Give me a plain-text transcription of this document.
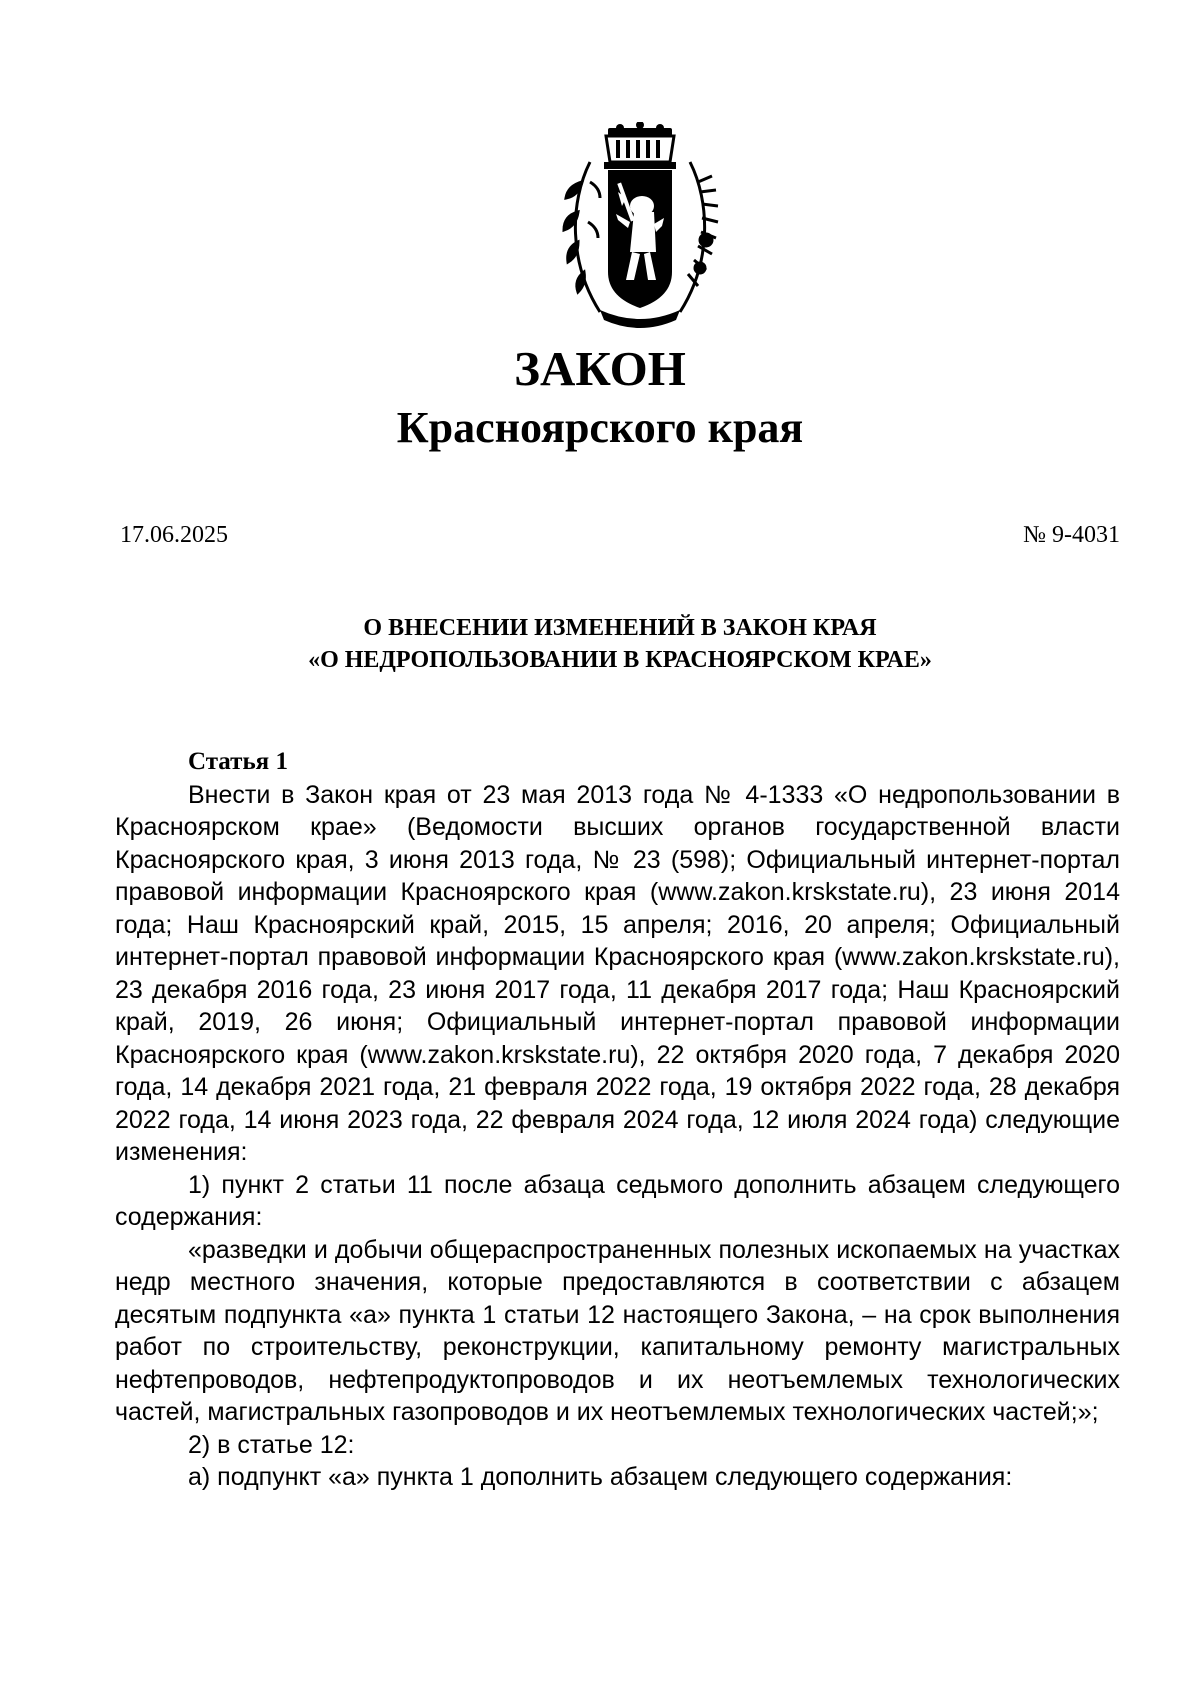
ЗАКОН
Красноярского края
17.06.2025	№ 9-4031
О ВНЕСЕНИИ ИЗМЕНЕНИЙ В ЗАКОН КРАЯ
«О НЕДРОПОЛЬЗОВАНИИ В КРАСНОЯРСКОМ КРАЕ»

Статья 1

Внести в Закон края от 23 мая 2013 года № 4-1333 «О недропользовании в Красноярском крае» (Ведомости высших органов государственной власти Красноярского края, 3 июня 2013 года, № 23 (598); Официальный интернет-портал правовой информации Красноярского края (www.zakon.krskstate.ru), 23 июня 2014 года; Наш Красноярский край, 2015, 15 апреля; 2016, 20 апреля; Официальный интернет-портал правовой информации Красноярского края (www.zakon.krskstate.ru), 23 декабря 2016 года, 23 июня 2017 года, 11 декабря 2017 года; Наш Красноярский край, 2019, 26 июня; Официальный интернет-портал правовой информации Красноярского края (www.zakon.krskstate.ru), 22 октября 2020 года, 7 декабря 2020 года, 14 декабря 2021 года, 21 февраля 2022 года, 19 октября 2022 года, 28 декабря 2022 года, 14 июня 2023 года, 22 февраля 2024 года, 12 июля 2024 года) следующие изменения:

1) пункт 2 статьи 11 после абзаца седьмого дополнить абзацем следующего содержания:

«разведки и добычи общераспространенных полезных ископаемых на участках недр местного значения, которые предоставляются в соответствии с абзацем десятым подпункта «а» пункта 1 статьи 12 настоящего Закона, – на срок выполнения работ по строительству, реконструкции, капитальному ремонту магистральных нефтепроводов, нефтепродуктопроводов и их неотъемлемых технологических частей, магистральных газопроводов и их неотъемлемых технологических частей;»;

2) в статье 12:

а) подпункт «а» пункта 1 дополнить абзацем следующего содержания:
